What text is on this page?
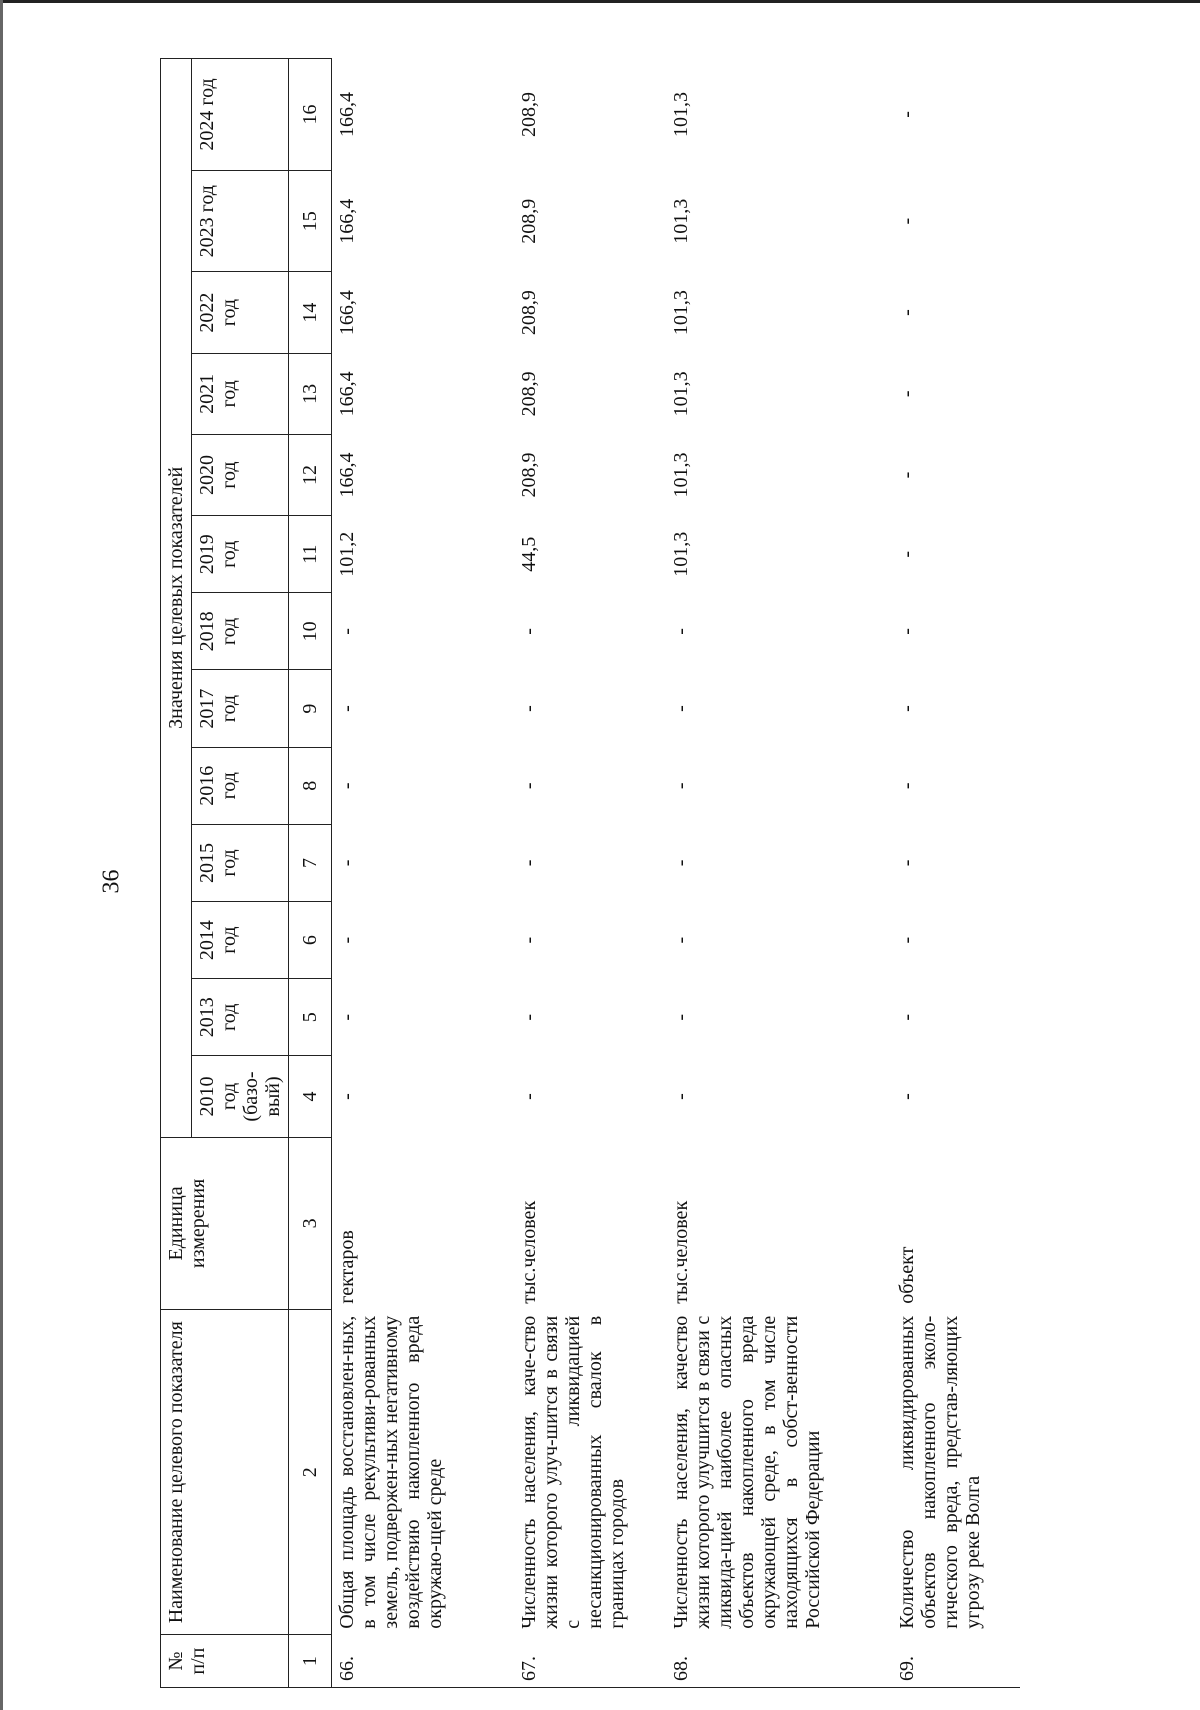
36
№ п/п	Наименование целевого показателя	Единица измерения	Значения целевых показателей												
			2010 год (базо-вый)	2013 год	2014 год	2015 год	2016 год	2017 год	2018 год	2019 год	2020 год	2021 год	2022 год	2023 год	2024 год
1	2	3	4	5	6	7	8	9	10	11	12	13	14	15	16
66.	Общая площадь восстановлен-ных, в том числе рекультиви-рованных земель, подвержен-ных негативному воздействию накопленного вреда окружаю-щей среде	гектаров	-	-	-	-	-	-	-	101,2	166,4	166,4	166,4	166,4	166,4
67.	Численность населения, каче-ство жизни которого улуч-шится в связи с ликвидацией несанкционированных свалок в границах городов	тыс.человек	-	-	-	-	-	-	-	44,5	208,9	208,9	208,9	208,9	208,9
68.	Численность населения, качество жизни которого улучшится в связи с ликвида-цией наиболее опасных объектов накопленного вреда окружающей среде, в том числе находящихся в собст-венности Российской Федерации	тыс.человек	-	-	-	-	-	-	-	101,3	101,3	101,3	101,3	101,3	101,3
69.	Количество ликвидированных объектов накопленного эколо-гического вреда, представ-ляющих угрозу реке Волга	объект	-	-	-	-	-	-	-	-	-	-	-	-	-
